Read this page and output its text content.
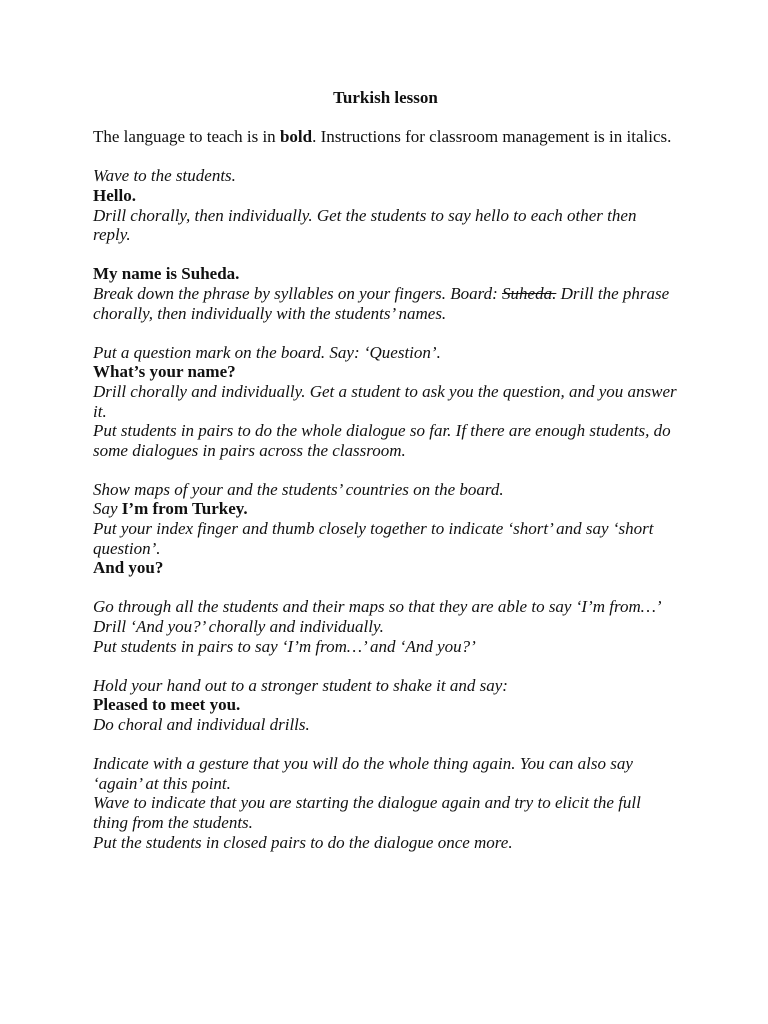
Turkish lesson

The language to teach is in bold. Instructions for classroom management is in italics.

Wave to the students.

Hello.

Drill chorally, then individually. Get the students to say hello to each other then reply.

My name is Suheda.

Break down the phrase by syllables on your fingers. Board: Suheda. Drill the phrase chorally, then individually with the students’ names.

Put a question mark on the board. Say: ‘Question’.

What’s your name?

Drill chorally and individually. Get a student to ask you the question, and you answer it.

Put students in pairs to do the whole dialogue so far. If there are enough students, do some dialogues in pairs across the classroom.

Show maps of your and the students’ countries on the board.

Say I’m from Turkey.

Put your index finger and thumb closely together to indicate ‘short’ and say ‘short question’.

And you?

Go through all the students and their maps so that they are able to say ‘I’m from…’

Drill ‘And you?’ chorally and individually.

Put students in pairs to say ‘I’m from…’ and ‘And you?’

Hold your hand out to a stronger student to shake it and say:

Pleased to meet you.

Do choral and individual drills.

Indicate with a gesture that you will do the whole thing again. You can also say ‘again’ at this point.

Wave to indicate that you are starting the dialogue again and try to elicit the full thing from the students.

Put the students in closed pairs to do the dialogue once more.
